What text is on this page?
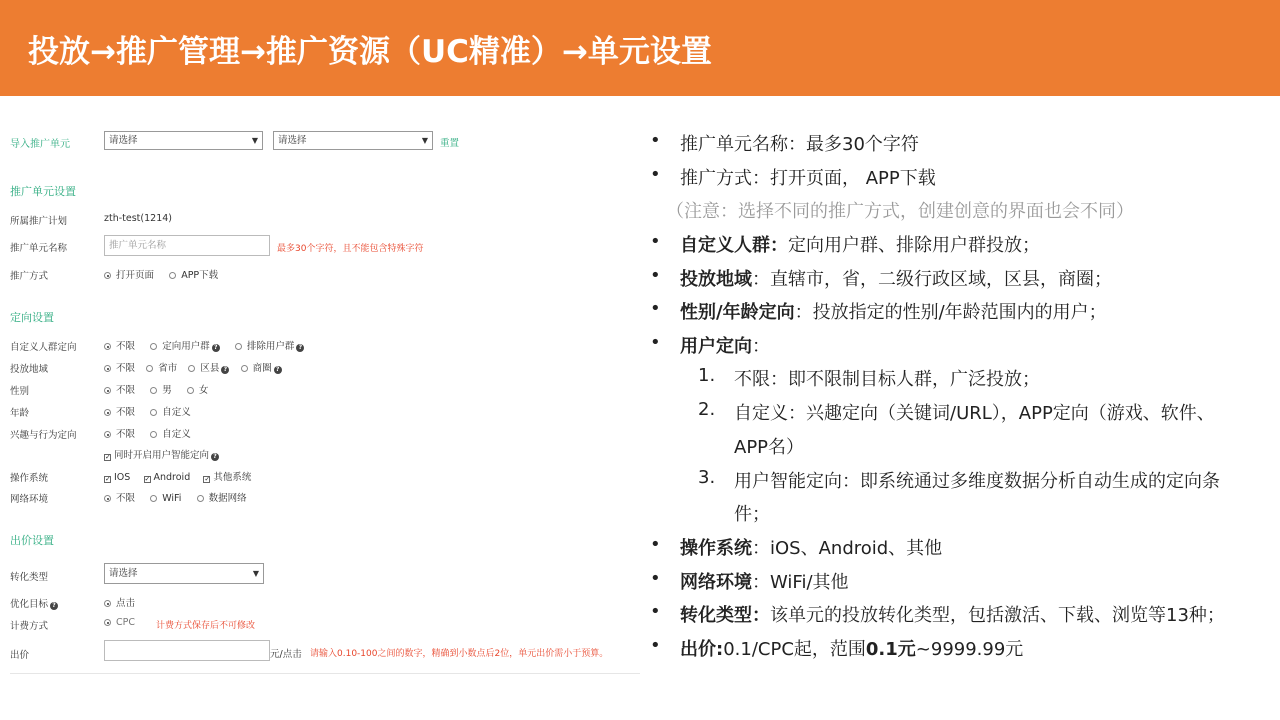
投放→推广管理→推广资源（UC精准）→单元设置
导入推广单元	请选择	▼	请选择	▼ 重置
推广单元设置
所属推广计划	zth-test(1214)
推广单元名称	推广单元名称	最多30个字符，且不能包含特殊字符
推广方式	打开页面	APP下载
定向设置
自定义人群定向	不限	定向用户群 ?	排除用户群 ?
投放地域	不限 省市 区县 ?	商圈 ?
性别	不限	男	女
年龄	不限	自定义
兴趣与行为定向	不限	自定义
✓ 同时开启用户智能定向 ?
操作系统	✓ IOS ✓ Android ✓ 其他系统
网络环境	不限	WiFi	数据网络
出价设置
转化类型	请选择	▼
优化目标 ?	点击
计费方式	CPC	计费方式保存后不可修改
出价	元/点击 请输入0.10-100之间的数字，精确到小数点后2位，单元出价需小于预算。
• 推广单元名称：最多30个字符
• 推广方式：打开页面， APP下载
（注意：选择不同的推广方式，创建创意的界面也会不同）
• 自定义人群：定向用户群、排除用户群投放；
• 投放地域：直辖市，省，二级行政区域，区县，商圈；
• 性别/年龄定向：投放指定的性别/年龄范围内的用户；
• 用户定向：
1. 不限：即不限制目标人群，广泛投放；
2. 自定义：兴趣定向（关键词/URL），APP定向（游戏、软件、
APP名）
3. 用户智能定向：即系统通过多维度数据分析自动生成的定向条
件；
• 操作系统：iOS、Android、其他
• 网络环境：WiFi/其他
• 转化类型：该单元的投放转化类型，包括激活、下载、浏览等13种；
• 出价:0.1/CPC起，范围0.1元~9999.99元
